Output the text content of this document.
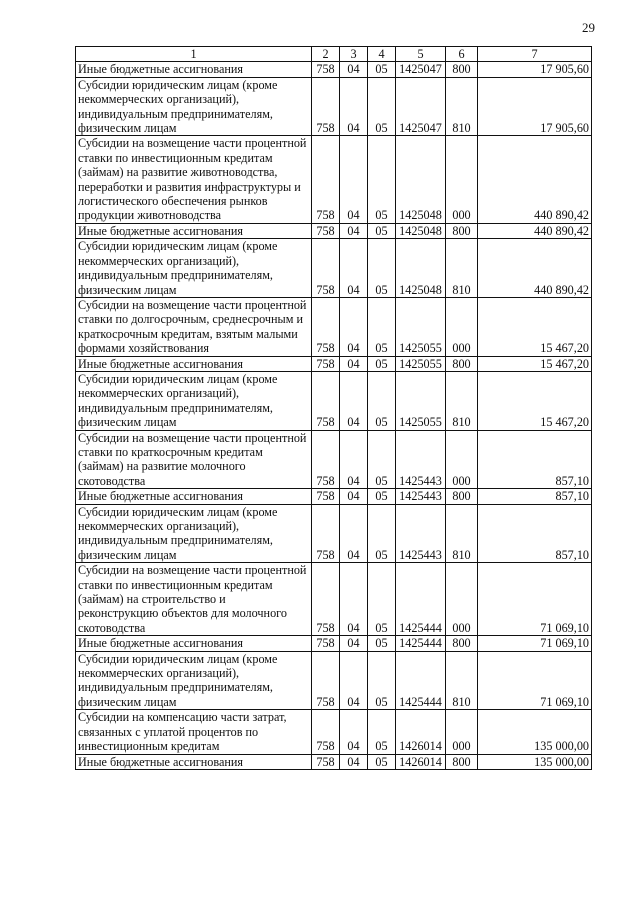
29
1	2	3	4	5	6	7
Иные бюджетные ассигнования	758	04	05	1425047	800	17 905,60
Субсидии юридическим лицам (кроме некоммерческих организаций), индивидуальным предпринимателям, физическим лицам	758	04	05	1425047	810	17 905,60
Субсидии на возмещение части процентной ставки по инвестиционным кредитам (займам) на развитие животноводства, переработки и развития инфраструктуры и логистического обеспечения рынков продукции животноводства	758	04	05	1425048	000	440 890,42
Иные бюджетные ассигнования	758	04	05	1425048	800	440 890,42
Субсидии юридическим лицам (кроме некоммерческих организаций), индивидуальным предпринимателям, физическим лицам	758	04	05	1425048	810	440 890,42
Субсидии на возмещение части процентной ставки по долгосрочным, среднесрочным и краткосрочным кредитам, взятым малыми формами хозяйствования	758	04	05	1425055	000	15 467,20
Иные бюджетные ассигнования	758	04	05	1425055	800	15 467,20
Субсидии юридическим лицам (кроме некоммерческих организаций), индивидуальным предпринимателям, физическим лицам	758	04	05	1425055	810	15 467,20
Субсидии на возмещение части процентной ставки по краткосрочным кредитам (займам) на развитие молочного скотоводства	758	04	05	1425443	000	857,10
Иные бюджетные ассигнования	758	04	05	1425443	800	857,10
Субсидии юридическим лицам (кроме некоммерческих организаций), индивидуальным предпринимателям, физическим лицам	758	04	05	1425443	810	857,10
Субсидии на возмещение части процентной ставки по инвестиционным кредитам (займам) на строительство и реконструкцию объектов для молочного скотоводства	758	04	05	1425444	000	71 069,10
Иные бюджетные ассигнования	758	04	05	1425444	800	71 069,10
Субсидии юридическим лицам (кроме некоммерческих организаций), индивидуальным предпринимателям, физическим лицам	758	04	05	1425444	810	71 069,10
Субсидии на компенсацию части затрат, связанных с уплатой процентов по инвестиционным кредитам	758	04	05	1426014	000	135 000,00
Иные бюджетные ассигнования	758	04	05	1426014	800	135 000,00
